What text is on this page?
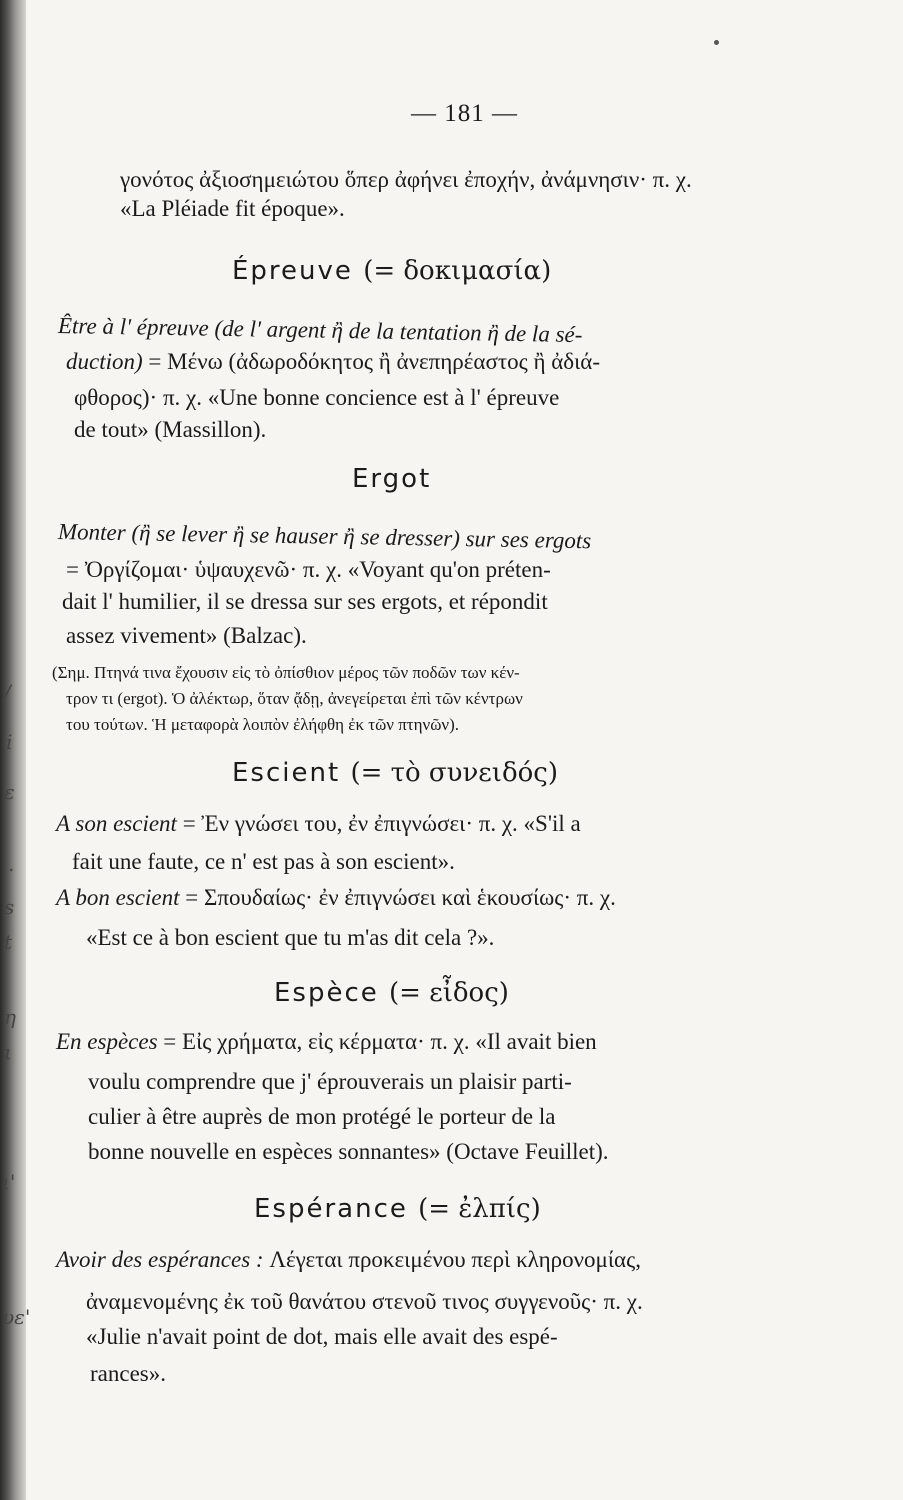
/
i
ε
.
s
t
η
ι
ι'
υε'
— 181 —
γονότος ἀξιοσημειώτου ὅπερ ἀφήνει ἐποχήν, ἀνάμνησιν· π. χ.
«La Pléiade fit époque».
Épreuve (= δοκιμασία)
Être à l' épreuve (de l' argent ἢ de la tentation ἢ de la sé-
duction) = Μένω (ἀδωροδόκητος ἢ ἀνεπηρέαστος ἢ ἀδιά-
φθορος)· π. χ. «Une bonne concience est à l' épreuve
de tout» (Massillon).
Ergot
Monter (ἢ se lever ἢ se hauser ἢ se dresser) sur ses ergots
= Ὀργίζομαι· ὑψαυχενῶ· π. χ. «Voyant qu'on préten-
dait l' humilier, il se dressa sur ses ergots, et répondit
assez vivement» (Balzac).
(Σημ. Πτηνά τινα ἔχουσιν εἰς τὸ ὀπίσθιον μέρος τῶν ποδῶν των κέν-
τρον τι (ergot). Ὁ ἀλέκτωρ, ὅταν ᾄδῃ, ἀνεγείρεται ἐπὶ τῶν κέντρων
του τούτων. Ἡ μεταφορὰ λοιπὸν ἐλήφθη ἐκ τῶν πτηνῶν).
Escient (= τὸ συνειδός)
A son escient = Ἐν γνώσει του, ἐν ἐπιγνώσει· π. χ. «S'il a
fait une faute, ce n' est pas à son escient».
A bon escient = Σπουδαίως· ἐν ἐπιγνώσει καὶ ἑκουσίως· π. χ.
«Est ce à bon escient que tu m'as dit cela ?».
Espèce (= εἶδος)
En espèces = Εἰς χρήματα, εἰς κέρματα· π. χ. «Il avait bien
voulu comprendre que j' éprouverais un plaisir parti-
culier à être auprès de mon protégé le porteur de la
bonne nouvelle en espèces sonnantes» (Octave Feuillet).
Espérance (= ἐλπίς)
Avoir des espérances : Λέγεται προκειμένου περὶ κληρονομίας,
ἀναμενομένης ἐκ τοῦ θανάτου στενοῦ τινος συγγενοῦς· π. χ.
«Julie n'avait point de dot, mais elle avait des espé-
rances».
